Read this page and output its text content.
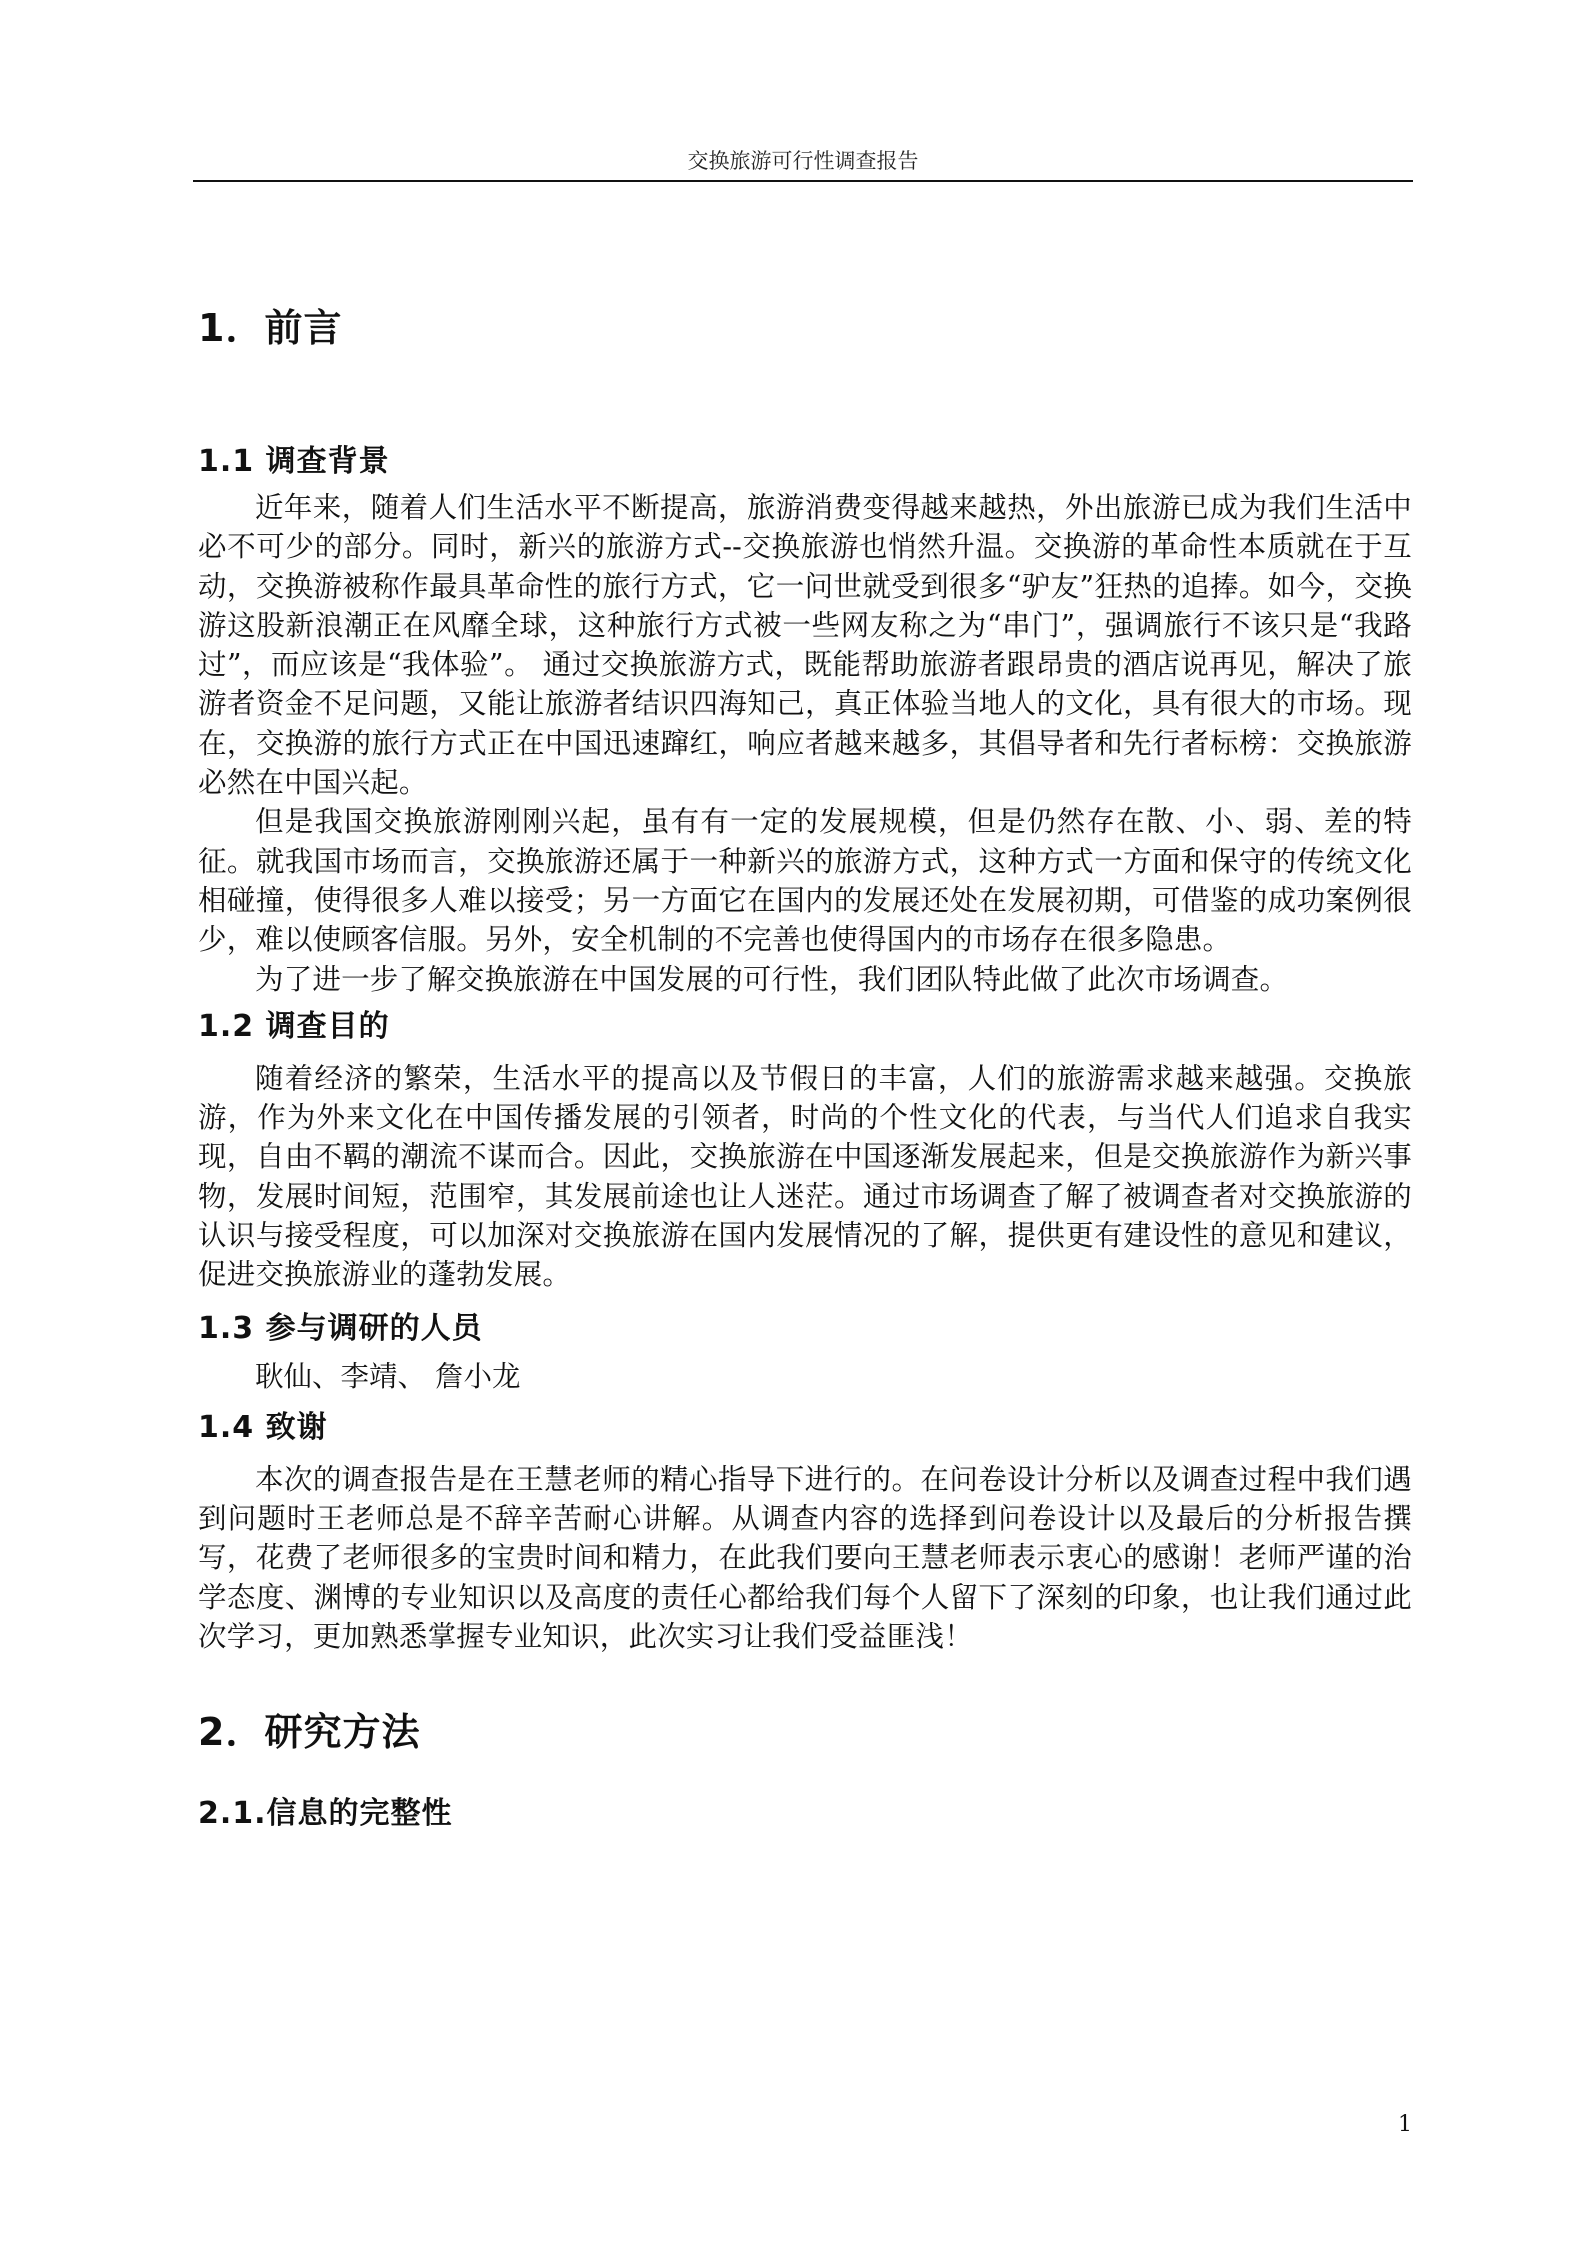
交换旅游可行性调查报告
1．前言
1.1 调查背景

近年来，随着人们生活水平不断提高，旅游消费变得越来越热，外出旅游已成为我们生活中必不可少的部分。同时，新兴的旅游方式--交换旅游也悄然升温。交换游的革命性本质就在于互动，交换游被称作最具革命性的旅行方式，它一问世就受到很多“驴友”狂热的追捧。如今，交换游这股新浪潮正在风靡全球，这种旅行方式被一些网友称之为“串门”，强调旅行不该只是“我路过”，而应该是“我体验”。 通过交换旅游方式，既能帮助旅游者跟昂贵的酒店说再见，解决了旅游者资金不足问题，又能让旅游者结识四海知己，真正体验当地人的文化，具有很大的市场。现在，交换游的旅行方式正在中国迅速蹿红，响应者越来越多，其倡导者和先行者标榜：交换旅游必然在中国兴起。

但是我国交换旅游刚刚兴起，虽有有一定的发展规模，但是仍然存在散、小、弱、差的特征。就我国市场而言，交换旅游还属于一种新兴的旅游方式，这种方式一方面和保守的传统文化相碰撞，使得很多人难以接受；另一方面它在国内的发展还处在发展初期，可借鉴的成功案例很少，难以使顾客信服。另外，安全机制的不完善也使得国内的市场存在很多隐患。

为了进一步了解交换旅游在中国发展的可行性，我们团队特此做了此次市场调查。

1.2 调查目的

随着经济的繁荣，生活水平的提高以及节假日的丰富，人们的旅游需求越来越强。交换旅游，作为外来文化在中国传播发展的引领者，时尚的个性文化的代表，与当代人们追求自我实现，自由不羁的潮流不谋而合。因此，交换旅游在中国逐渐发展起来，但是交换旅游作为新兴事物，发展时间短，范围窄，其发展前途也让人迷茫。通过市场调查了解了被调查者对交换旅游的认识与接受程度，可以加深对交换旅游在国内发展情况的了解，提供更有建设性的意见和建议，促进交换旅游业的蓬勃发展。

1.3 参与调研的人员

耿仙、李靖、 詹小龙

1.4 致谢

本次的调查报告是在王慧老师的精心指导下进行的。在问卷设计分析以及调查过程中我们遇到问题时王老师总是不辞辛苦耐心讲解。从调查内容的选择到问卷设计以及最后的分析报告撰写，花费了老师很多的宝贵时间和精力，在此我们要向王慧老师表示衷心的感谢！老师严谨的治学态度、渊博的专业知识以及高度的责任心都给我们每个人留下了深刻的印象，也让我们通过此次学习，更加熟悉掌握专业知识，此次实习让我们受益匪浅！

2．研究方法
2.1.信息的完整性
1
